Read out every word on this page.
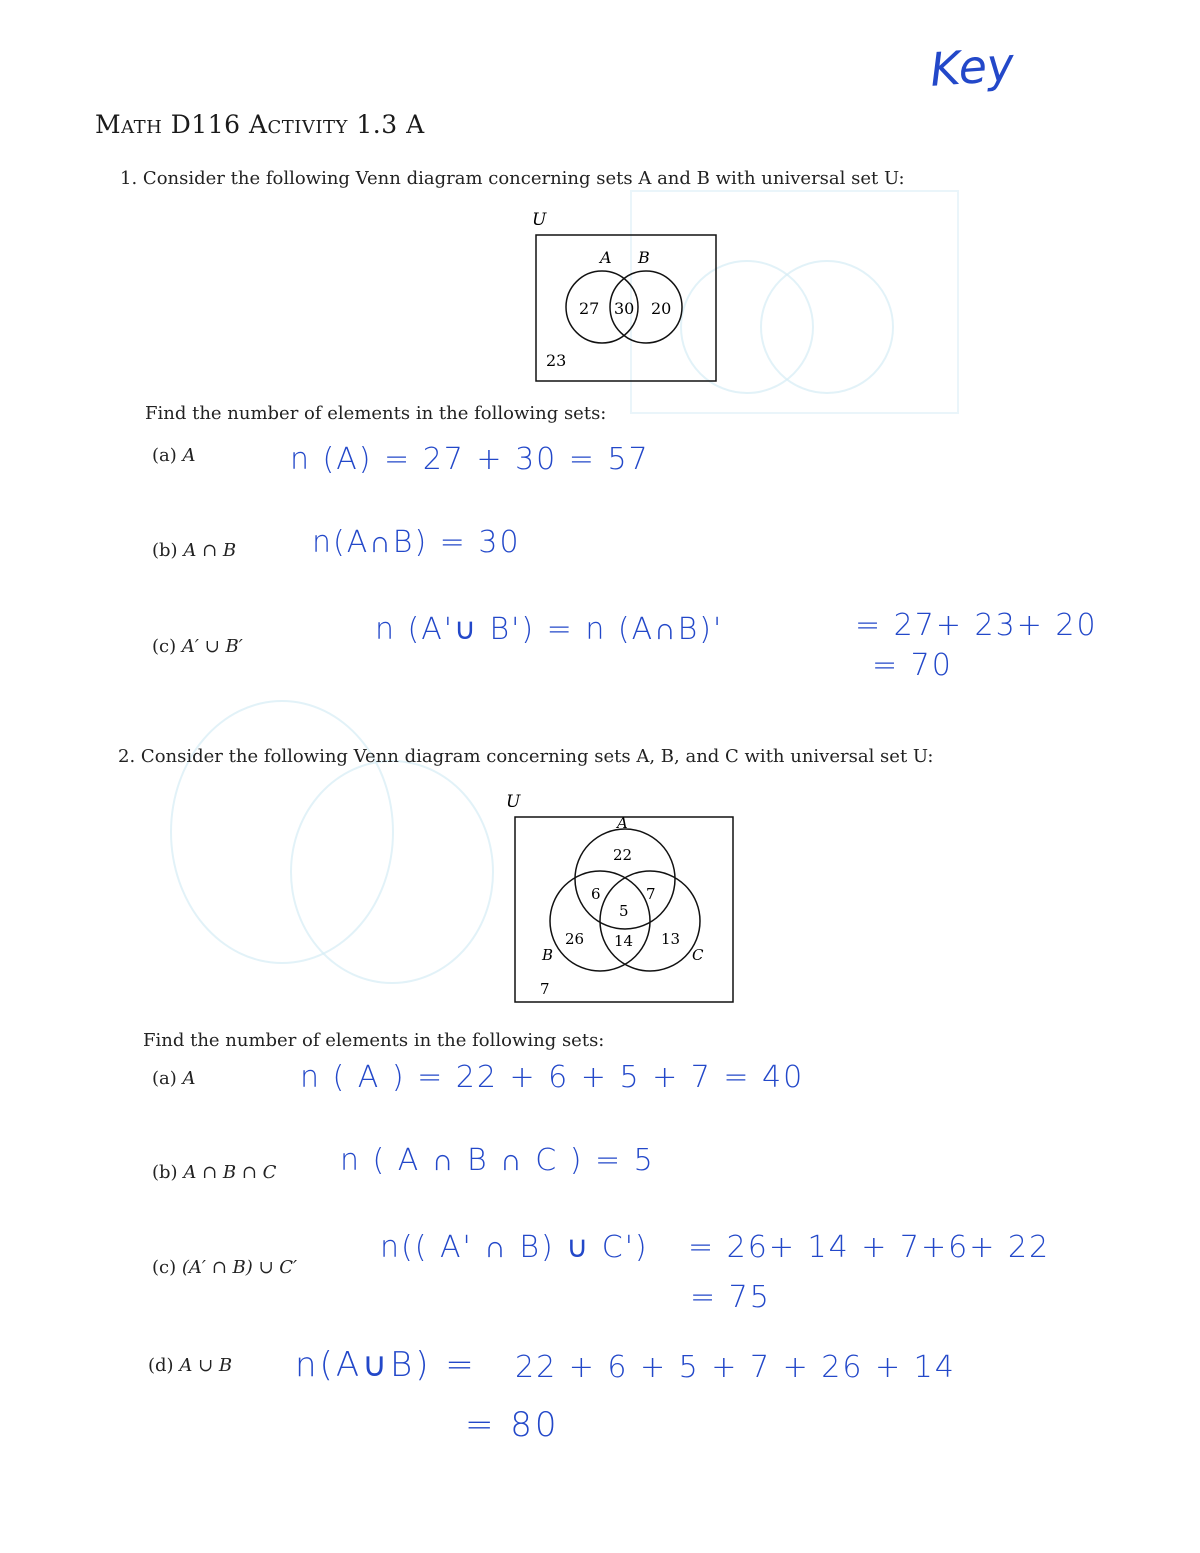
Key
Math D116 Activity 1.3 A
1. Consider the following Venn diagram concerning sets A and B with universal set U:
U
A B
27 30 20
23
Find the number of elements in the following sets:
(a) A	n (A) = 27 + 30 = 57
(b) A ∩ B	n(A∩B) = 30
(c) A′ ∪ B′	n (A'∪ B') = n (A∩B)'	= 27+ 23+ 20
= 70
2. Consider the following Venn diagram concerning sets A, B, and C with universal set U:
U
A
B	C
22
6	7
5
26 14 13
7
Find the number of elements in the following sets:
(a) A	n ( A ) = 22 + 6 + 5 + 7 = 40
(b) A ∩ B ∩ C n ( A ∩ B ∩ C ) = 5
(c) (A′ ∩ B) ∪ C′
n(( A' ∩ B) ∪ C') = 26+ 14 + 7+6+ 22
= 75
(d) A ∪ B n(A∪B) = 22 + 6 + 5 + 7 + 26 + 14
= 80
